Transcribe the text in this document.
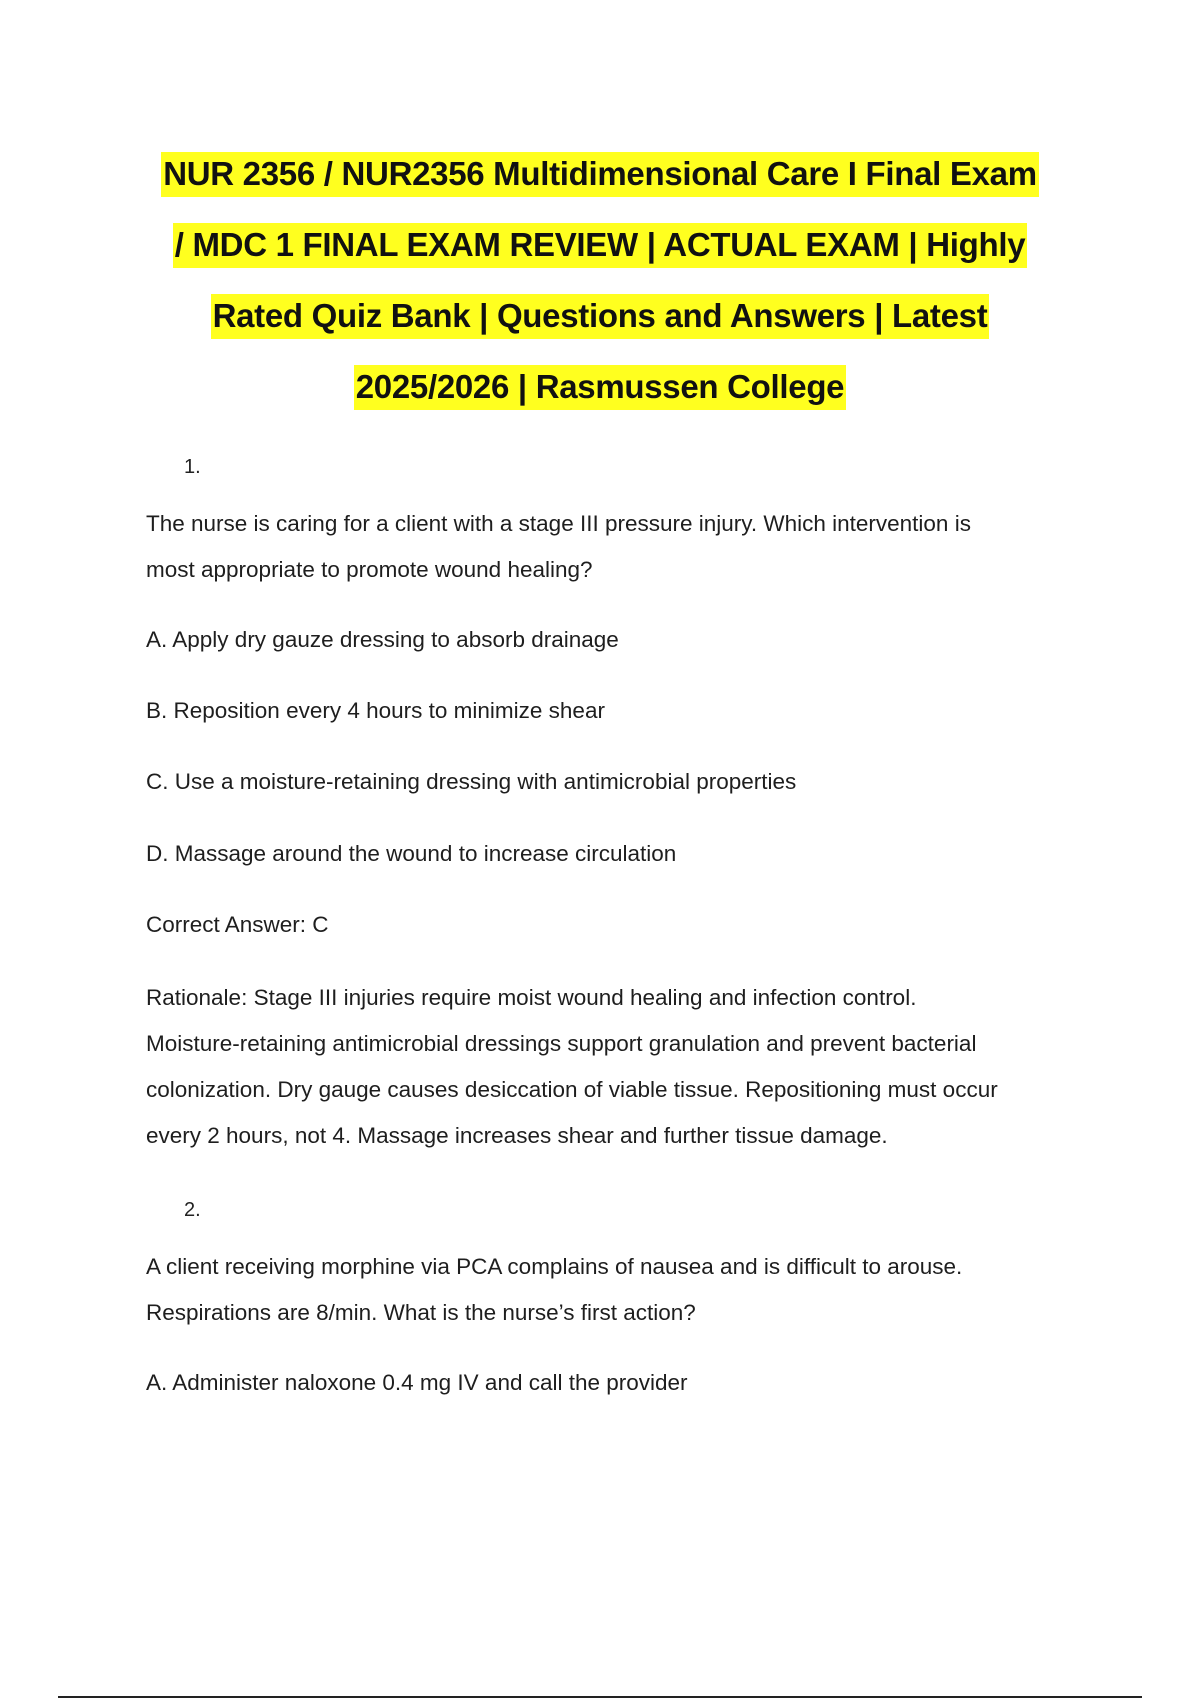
NUR 2356 / NUR2356 Multidimensional Care I Final Exam
/ MDC 1 FINAL EXAM REVIEW | ACTUAL EXAM | Highly
Rated Quiz Bank | Questions and Answers | Latest
2025/2026 | Rasmussen College
1.
The nurse is caring for a client with a stage III pressure injury. Which intervention is
most appropriate to promote wound healing?
A. Apply dry gauze dressing to absorb drainage
B. Reposition every 4 hours to minimize shear
C. Use a moisture-retaining dressing with antimicrobial properties
D. Massage around the wound to increase circulation
Correct Answer: C
Rationale: Stage III injuries require moist wound healing and infection control.
Moisture-retaining antimicrobial dressings support granulation and prevent bacterial
colonization. Dry gauge causes desiccation of viable tissue. Repositioning must occur
every 2 hours, not 4. Massage increases shear and further tissue damage.
2.
A client receiving morphine via PCA complains of nausea and is difficult to arouse.
Respirations are 8/min. What is the nurse’s first action?
A. Administer naloxone 0.4 mg IV and call the provider
